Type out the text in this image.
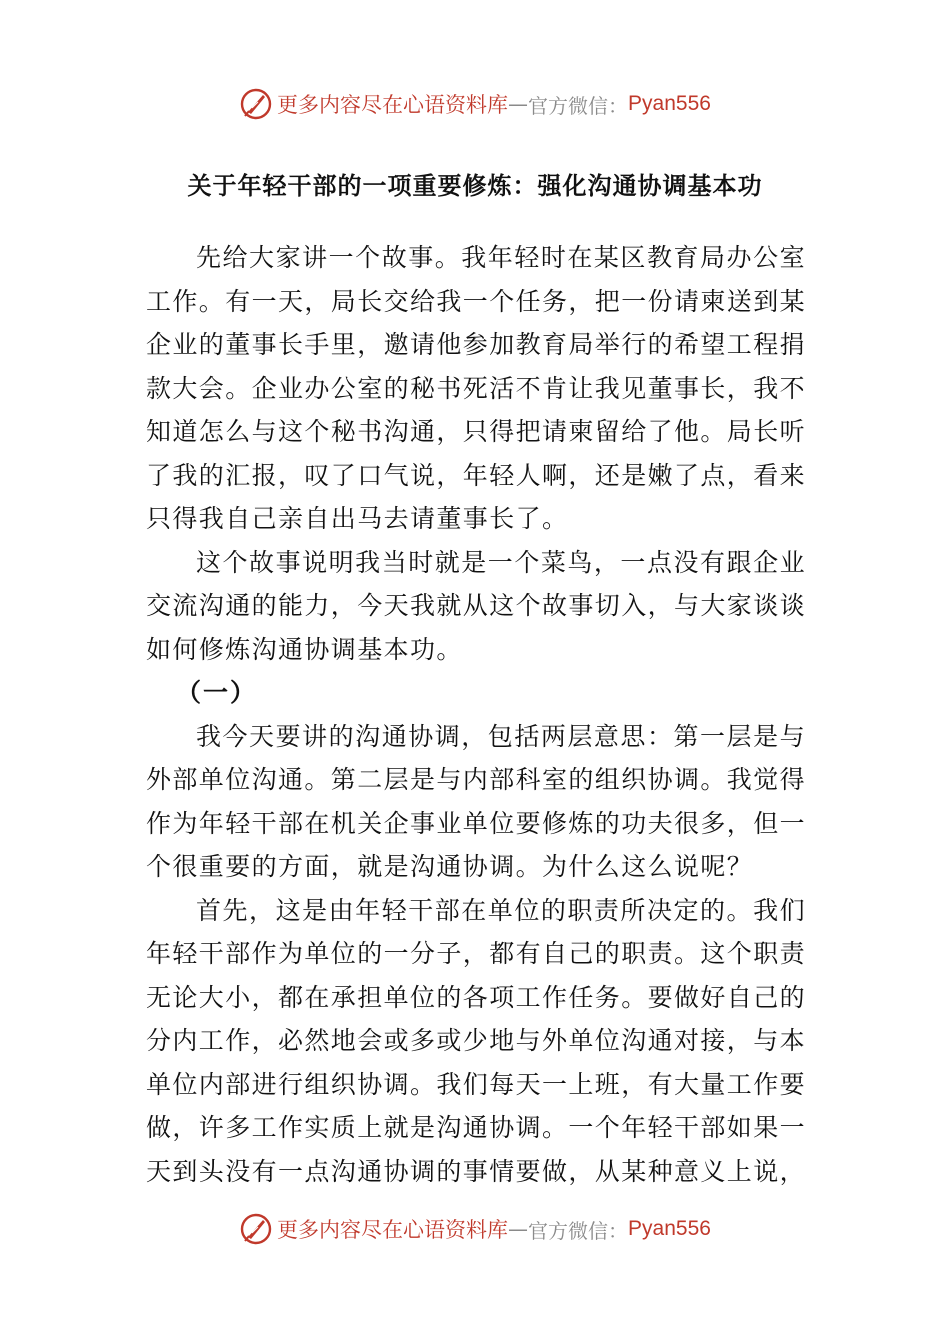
更多内容尽在心语资料库 — 官方微信： Pyan556
关于年轻干部的一项重要修炼：强化沟通协调基本功

先给大家讲一个故事。我年轻时在某区教育局办公室工作。有一天，局长交给我一个任务，把一份请柬送到某企业的董事长手里，邀请他参加教育局举行的希望工程捐款大会。企业办公室的秘书死活不肯让我见董事长，我不知道怎么与这个秘书沟通，只得把请柬留给了他。局长听了我的汇报，叹了口气说，年轻人啊，还是嫩了点，看来只得我自己亲自出马去请董事长了。

这个故事说明我当时就是一个菜鸟，一点没有跟企业交流沟通的能力，今天我就从这个故事切入，与大家谈谈如何修炼沟通协调基本功。

（一）

我今天要讲的沟通协调，包括两层意思：第一层是与外部单位沟通。第二层是与内部科室的组织协调。我觉得作为年轻干部在机关企事业单位要修炼的功夫很多，但一个很重要的方面，就是沟通协调。为什么这么说呢？

首先，这是由年轻干部在单位的职责所决定的。我们年轻干部作为单位的一分子，都有自己的职责。这个职责无论大小，都在承担单位的各项工作任务。要做好自己的分内工作，必然地会或多或少地与外单位沟通对接，与本单位内部进行组织协调。我们每天一上班，有大量工作要做，许多工作实质上就是沟通协调。一个年轻干部如果一天到头没有一点沟通协调的事情要做，从某种意义上说，

更多内容尽在心语资料库 — 官方微信： Pyan556
